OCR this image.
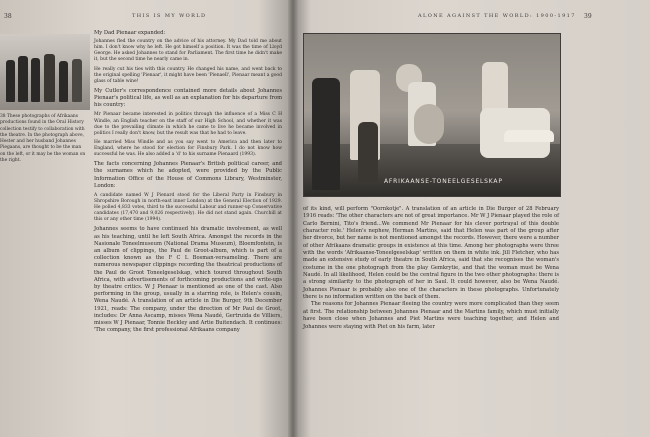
38	THIS IS MY WORLD
38 These photographs of Afrikaans productions found in the Oral History collection testify to collaboration with the theatre. In the photograph above, Hester and her husband Johannes Piegaans, are thought to be the man on the left, or it may be the woman on the right.

My Dad Pienaar expanded:

Johannes fled the country on the advice of his attorney. My Dad told me about him. I don't know why he left. He got himself a position. It was the time of Lloyd George. He asked Johannes to stand for Parliament. The first time he didn't make it, but the second time he nearly came in.

He really cut his ties with this country. He changed his name, and went back to the original spelling 'Pienaar', it might have been 'Pienaell', Pienaar meant a good glass of table wine!

My Cutler's correspondence contained more details about Johannes Pienaar's political life, as well as an explanation for his departure from his country:

Mr Pienaar became interested in politics through the influence of a Miss C H Windle, an English teacher on the staff of our High School, and whether it was due to the prevailing climate in which he came to live he became involved in politics I really don't know, but the result was that he had to leave.

He married Miss Windle and as you say went to America and then later to England, where he stood for election for Finsbury Park. I do not know how successful he was. He also added a 'd' to his surname Pienaard (1993).

The facts concerning Johannes Pienaar's British political career, and the surnames which he adopted, were provided by the Public Information Office of the House of Commons Library, Westminster, London:

A candidate named W J Pienard stood for the Liberal Party in Finsbury in Shropshire Borough in north-east inner London) at the General Election of 1929. He polled 4,833 votes, third to the successful Labour and runner-up Conservative candidates (17,470 and 9,026 respectively). He did not stand again. Churchill at this or any other time (1994).

Johannes seems to have continued his dramatic involvement, as well as his teaching, until he left South Africa. Amongst the records in the Nasionale Toneelmuseum (National Drama Museum), Bloemfontein, is an album of clippings, the Paul de Groot-album, which is part of a collection known as the F C L Bosman-versameling. There are numerous newspaper clippings recording the theatrical productions of the Paul de Groot Toneelgeselskap, which toured throughout South Africa, with advertisements of forthcoming productions and write-ups by theatre critics. W J Pienaar is mentioned as one of the cast. Also performing in the group, usually in a starring role, is Helen's cousin, Wena Naudé. A translation of an article in Die Burger, 9th December 1921, reads: The company, under the direction of Mr Paul de Groot, includes: Dr Anna Ascamp, misses Wena Naudé, Gertruida de Villiers, misses W J Pienaar, Tonnie Beckley and Artie Buitendach. It continues: 'The company, the first professional Afrikaans company

ALONE AGAINST THE WORLD: 1900-1917 39
AFRIKAANSE-TONEELGESELSKAP

of its kind, will perform "Oornkotje". A translation of an article in Die Burger of 28 February 1916 reads: 'The other characters are not of great importance. Mr W J Pienaar played the role of Carlo Bernini, Tito's friend...We commend Mr Pienaar for his clever portrayal of this double character role.' Helen's nephew, Herman Martins, said that Helen was part of the group after her divorce, but her name is not mentioned amongst the records. However, there were a number of other Afrikaans dramatic groups in existence at this time. Among her photographs were three with the words 'Afrikaanse-Toneelgeselskap' written on them in white ink. Jill Fletcher, who has made an extensive study of early theatre in South Africa, said that she recognises the woman's costume in the one photograph from the play Gemkrytie, and that the woman must be Wena Naudé. In all likelihood, Helen could be the central figure in the two other photographs: there is a strong similarity to the photograph of her in Saul. It could however, also be Wena Naudé. Johannes Pienaar is probably also one of the characters in these photographs. Unfortunately there is no information written on the back of them.

The reasons for Johannes Pienaar fleeing the country were more complicated than they seem at first. The relationship between Johannes Pienaar and the Martins family, which must initially have been close when Johannes and Piet Martins were teaching together, and Helen and Johannes were staying with Piet on his farm, later
